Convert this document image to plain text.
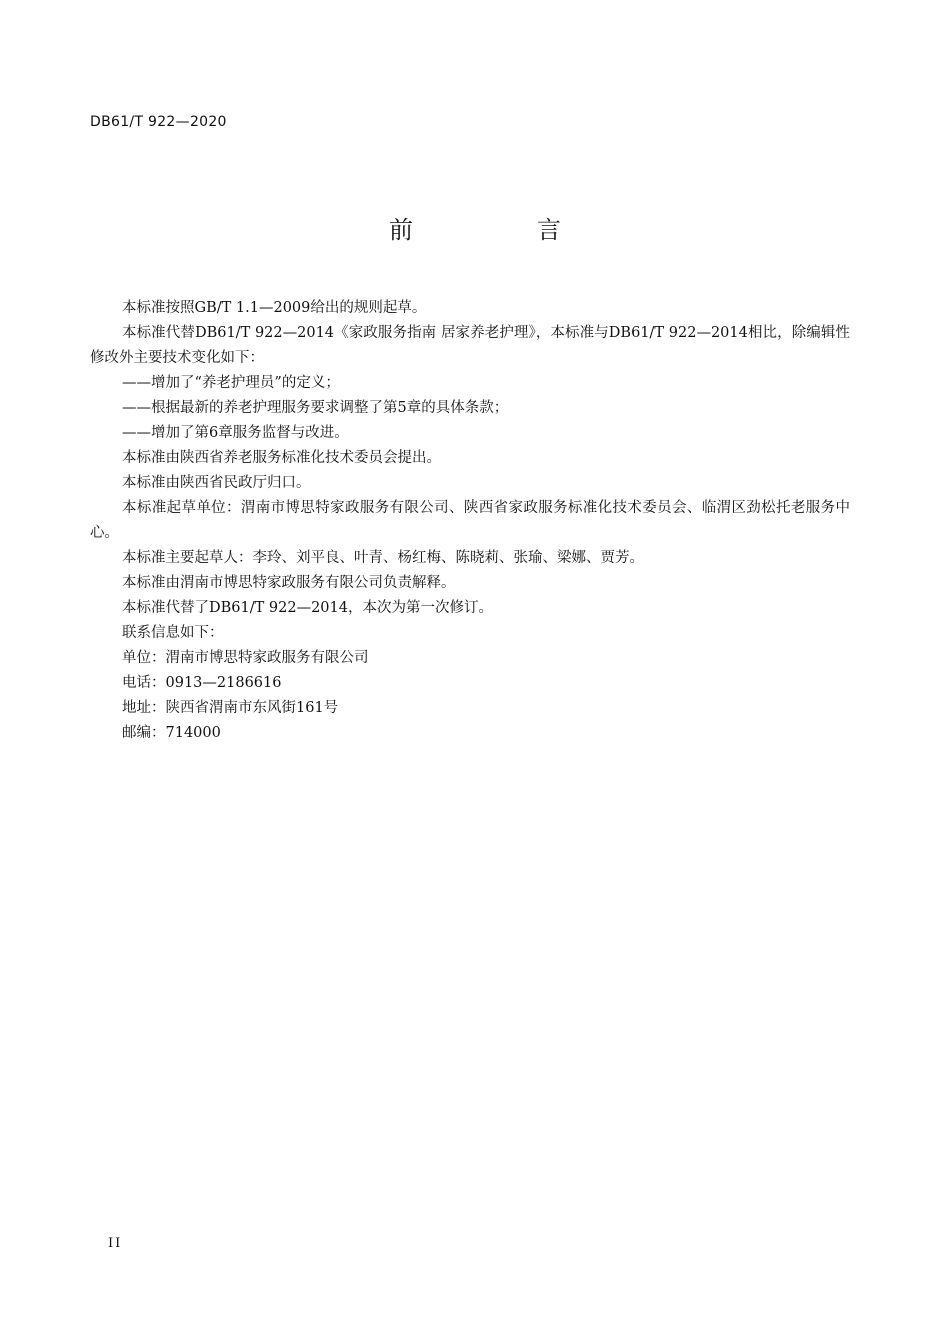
DB61/T 922—2020
前　言

本标准按照GB/T 1.1—2009给出的规则起草。

本标准代替DB61/T 922—2014《家政服务指南 居家养老护理》，本标准与DB61/T 922—2014相比，除编辑性修改外主要技术变化如下：

——增加了“养老护理员”的定义；

——根据最新的养老护理服务要求调整了第5章的具体条款；

——增加了第6章服务监督与改进。

本标准由陕西省养老服务标准化技术委员会提出。

本标准由陕西省民政厅归口。

本标准起草单位：渭南市博思特家政服务有限公司、陕西省家政服务标准化技术委员会、临渭区劲松托老服务中心。

本标准主要起草人：李玲、刘平良、叶青、杨红梅、陈晓莉、张瑜、梁娜、贾芳。

本标准由渭南市博思特家政服务有限公司负责解释。

本标准代替了DB61/T 922—2014，本次为第一次修订。

联系信息如下：

单位：渭南市博思特家政服务有限公司

电话：0913—2186616

地址：陕西省渭南市东风街161号

邮编：714000

II
